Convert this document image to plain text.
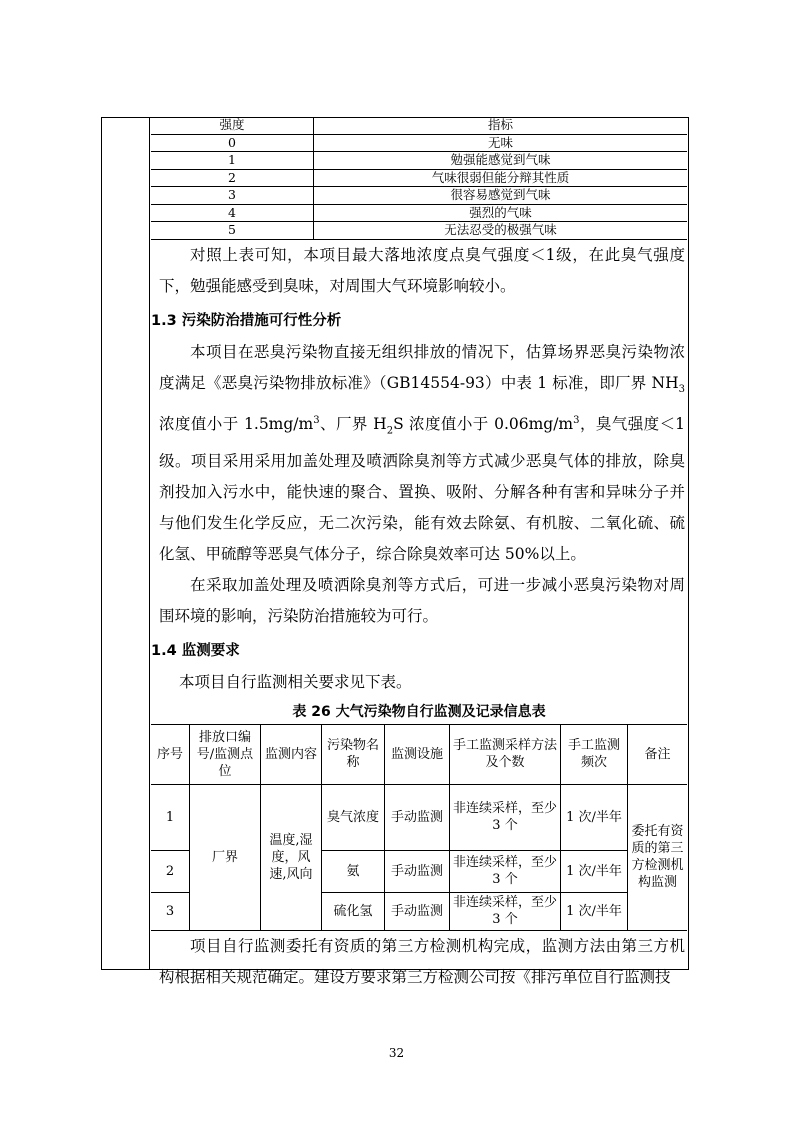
强度	指标
0	无味
1	勉强能感觉到气味
2	气味很弱但能分辩其性质
3	很容易感觉到气味
4	强烈的气味
5	无法忍受的极强气味

对照上表可知，本项目最大落地浓度点臭气强度＜1级，在此臭气强度下，勉强能感受到臭味，对周围大气环境影响较小。

1.3 污染防治措施可行性分析

本项目在恶臭污染物直接无组织排放的情况下，估算场界恶臭污染物浓度满足《恶臭污染物排放标准》（GB14554-93）中表 1 标准，即厂界 $NH_3$浓度值小于 $1.5mg/m^3$、厂界 $H_2S$ 浓度值小于 $0.06mg/m^3$，臭气强度＜1 级。项目采用采用加盖处理及喷洒除臭剂等方式减少恶臭气体的排放，除臭剂投加入污水中，能快速的聚合、置换、吸附、分解各种有害和异味分子并与他们发生化学反应，无二次污染，能有效去除氨、有机胺、二氧化硫、硫化氢、甲硫醇等恶臭气体分子，综合除臭效率可达 50%以上。

在采取加盖处理及喷洒除臭剂等方式后，可进一步减小恶臭污染物对周围环境的影响，污染防治措施较为可行。

1.4 监测要求

本项目自行监测相关要求见下表。

表 26 大气污染物自行监测及记录信息表
序号	排放口编号/监测点位	监测内容	污染物名称	监测设施	手工监测采样方法及个数	手工监测频次	备注
1	厂界	温度,湿度，风速,风向	臭气浓度	手动监测	非连续采样，至少 3 个	1 次/半年	委托有资质的第三方检测机构监测
2			氨	手动监测	非连续采样，至少 3 个	1 次/半年	
3			硫化氢	手动监测	非连续采样，至少 3 个	1 次/半年	

项目自行监测委托有资质的第三方检测机构完成，监测方法由第三方机构根据相关规范确定。建设方要求第三方检测公司按《排污单位自行监测技

32
